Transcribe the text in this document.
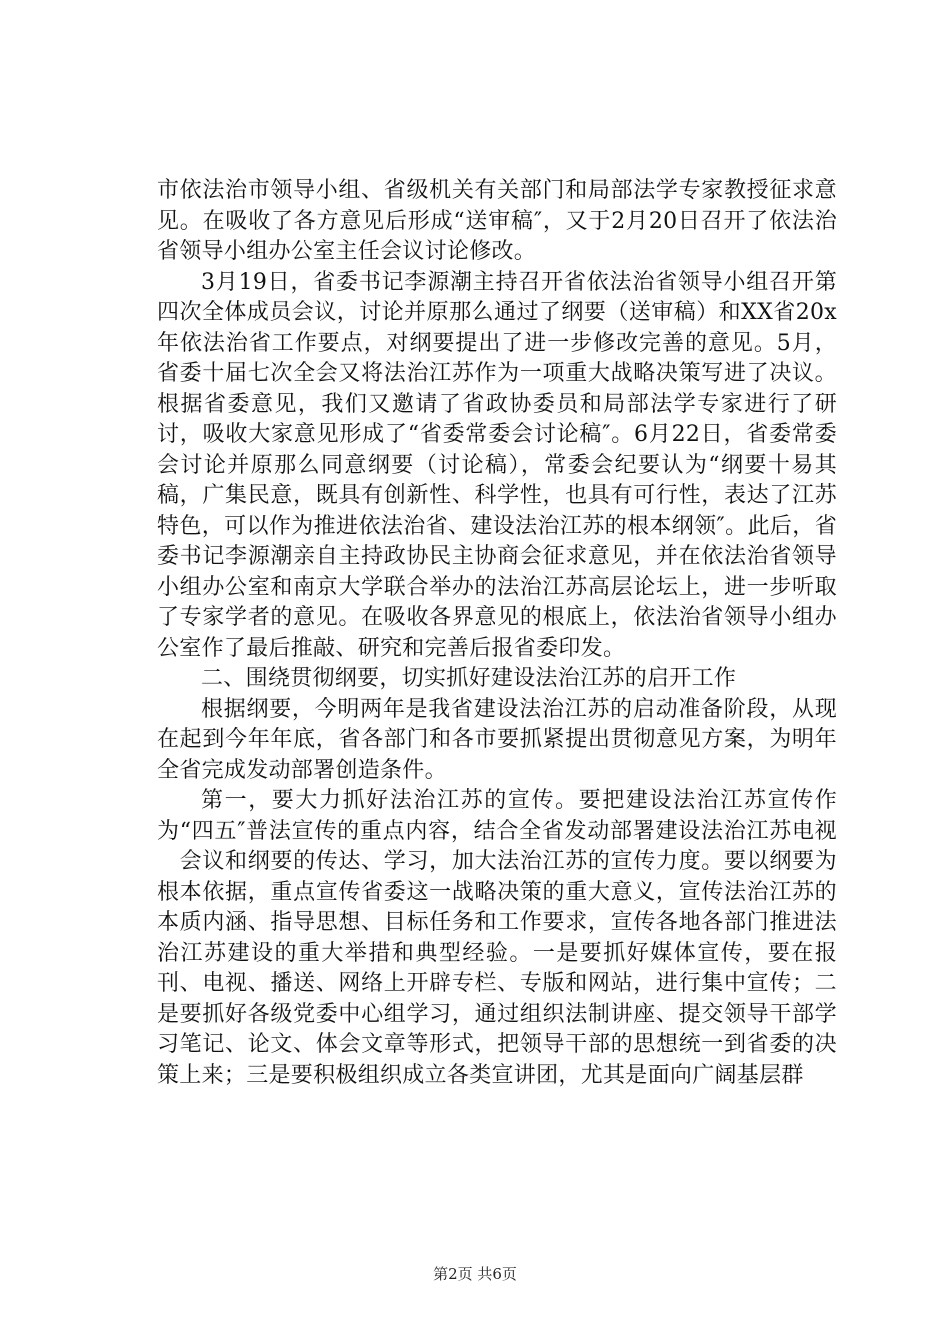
市依法治市领导小组、省级机关有关部门和局部法学专家教授征求意见。在吸收了各方意见后形成“送审稿″，又于2月20日召开了依法治省领导小组办公室主任会议讨论修改。

3月19日，省委书记李源潮主持召开省依法治省领导小组召开第四次全体成员会议，讨论并原那么通过了纲要（送审稿）和XX省20x年依法治省工作要点，对纲要提出了进一步修改完善的意见。5月，省委十届七次全会又将法治江苏作为一项重大战略决策写进了决议。根据省委意见，我们又邀请了省政协委员和局部法学专家进行了研讨，吸收大家意见形成了“省委常委会讨论稿″。6月22日，省委常委会讨论并原那么同意纲要（讨论稿），常委会纪要认为“纲要十易其稿，广集民意，既具有创新性、科学性，也具有可行性，表达了江苏特色，可以作为推进依法治省、建设法治江苏的根本纲领″。此后，省委书记李源潮亲自主持政协民主协商会征求意见，并在依法治省领导小组办公室和南京大学联合举办的法治江苏高层论坛上，进一步听取了专家学者的意见。在吸收各界意见的根底上，依法治省领导小组办公室作了最后推敲、研究和完善后报省委印发。

二、围绕贯彻纲要，切实抓好建设法治江苏的启开工作

根据纲要，今明两年是我省建设法治江苏的启动准备阶段，从现在起到今年年底，省各部门和各市要抓紧提出贯彻意见方案，为明年全省完成发动部署创造条件。

第一，要大力抓好法治江苏的宣传。要把建设法治江苏宣传作为“四五″普法宣传的重点内容，结合全省发动部署建设法治江苏电视 　会议和纲要的传达、学习，加大法治江苏的宣传力度。要以纲要为根本依据，重点宣传省委这一战略决策的重大意义，宣传法治江苏的本质内涵、指导思想、目标任务和工作要求，宣传各地各部门推进法治江苏建设的重大举措和典型经验。一是要抓好媒体宣传，要在报刊、电视、播送、网络上开辟专栏、专版和网站，进行集中宣传；二是要抓好各级党委中心组学习，通过组织法制讲座、提交领导干部学习笔记、论文、体会文章等形式，把领导干部的思想统一到省委的决策上来；三是要积极组织成立各类宣讲团，尤其是面向广阔基层群

第2页 共6页
